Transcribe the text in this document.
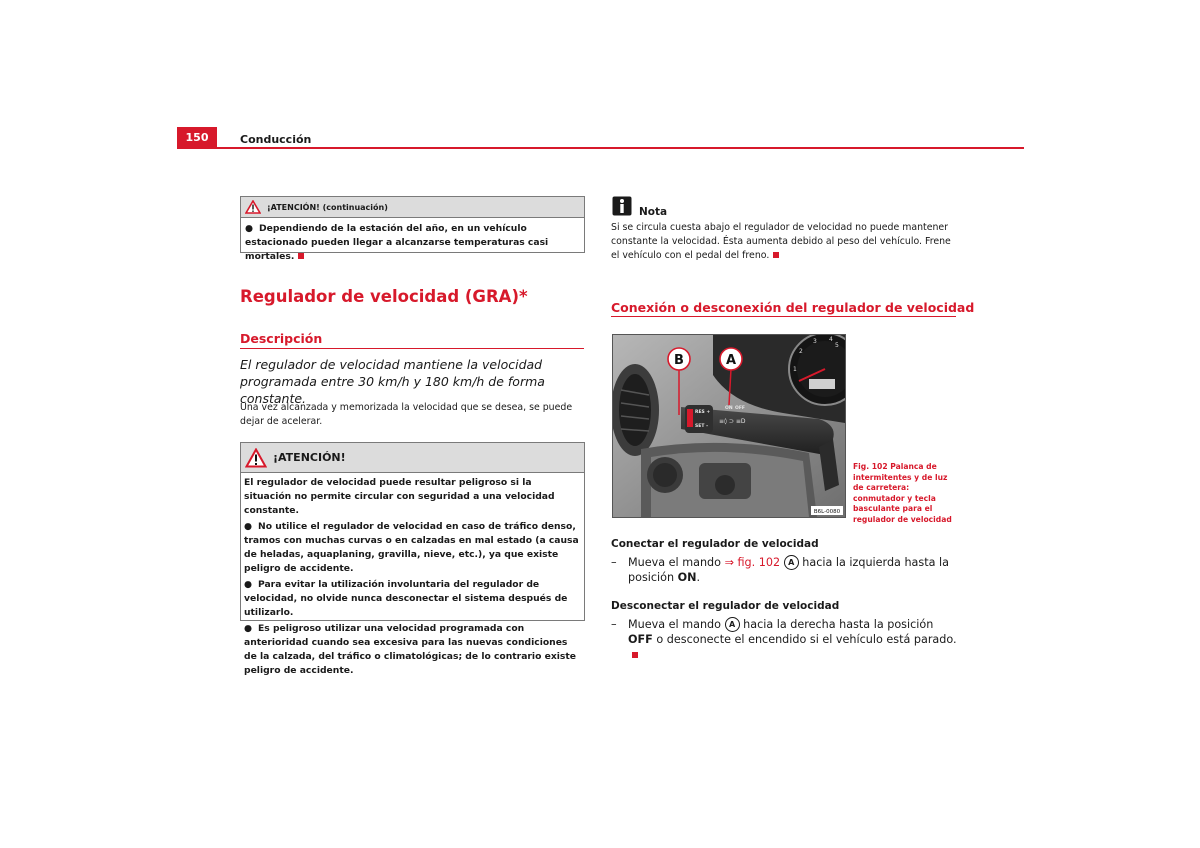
150	Conducción
¡ATENCIÓN! (continuación)
● Dependiendo de la estación del año, en un vehículo estacionado pueden llegar a alcanzarse temperaturas casi mortales.
Regulador de velocidad (GRA)*
Descripción
El regulador de velocidad mantiene la velocidad programada entre 30 km/h y 180 km/h de forma constante.
Una vez alcanzada y memorizada la velocidad que se desea, se puede dejar de acelerar.
¡ATENCIÓN!
El regulador de velocidad puede resultar peligroso si la situación no permite circular con seguridad a una velocidad constante.
● No utilice el regulador de velocidad en caso de tráfico denso, tramos con muchas curvas o en calzadas en mal estado (a causa de heladas, aquaplaning, gravilla, nieve, etc.), ya que existe peligro de accidente.
● Para evitar la utilización involuntaria del regulador de velocidad, no olvide nunca desconectar el sistema después de utilizarlo.
● Es peligroso utilizar una velocidad programada con anterioridad cuando sea excesiva para las nuevas condiciones de la calzada, del tráfico o climatológicas; de lo contrario existe peligro de accidente.
Nota
Si se circula cuesta abajo el regulador de velocidad no puede mantener constante la velocidad. Ésta aumenta debido al peso del vehículo. Frene el vehículo con el pedal del freno.
Conexión o desconexión del regulador de velocidad
1
2
3 4
5
RES +
ON OFF
SET –
≡◊ ⊃ ≡D
B	A
B6L-0080
Fig. 102 Palanca de intermitentes y de luz de carretera: conmutador y tecla basculante para el regulador de velocidad
Conectar el regulador de velocidad
–	Mueva el mando ⇒ fig. 102 A hacia la izquierda hasta la posición ON.
Desconectar el regulador de velocidad
–	Mueva el mando A hacia la derecha hasta la posición OFF o desconecte el encendido si el vehículo está parado.
